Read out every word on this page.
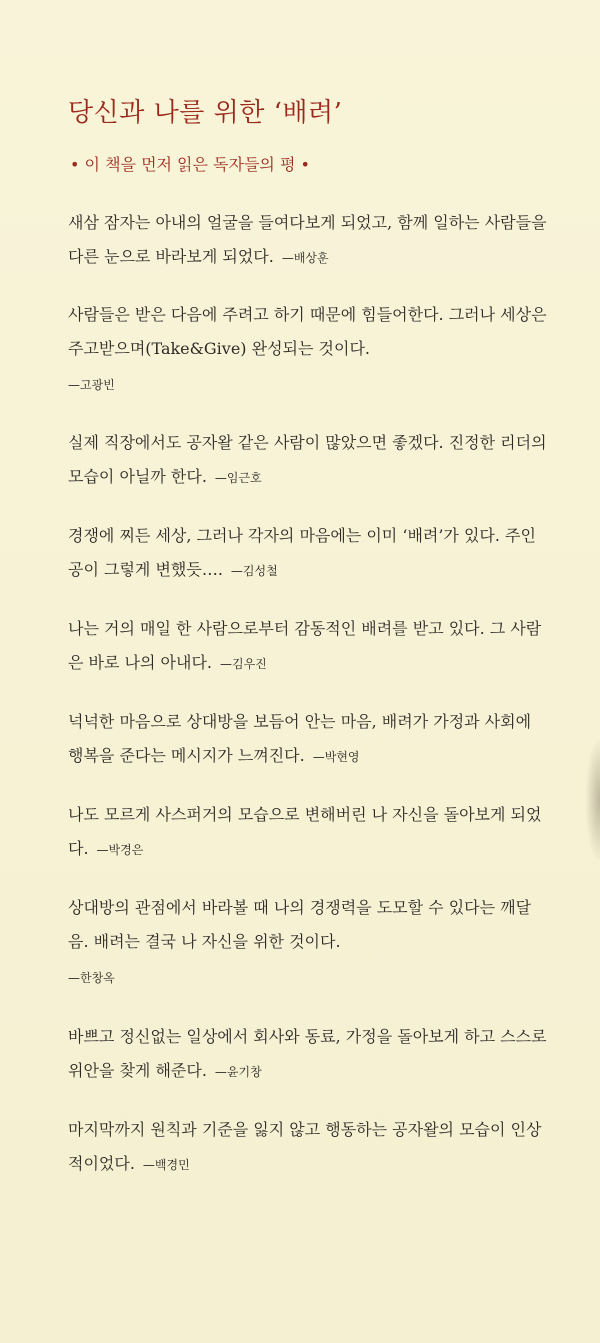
당신과 나를 위한 ‘배려’
• 이 책을 먼저 읽은 독자들의 평 •
새삼 잠자는 아내의 얼굴을 들여다보게 되었고, 함께 일하는 사람들을 다른 눈으로 바라보게 되었다. —배상훈
사람들은 받은 다음에 주려고 하기 때문에 힘들어한다. 그러나 세상은 주고받으며(Take&Give) 완성되는 것이다.
—고광빈
실제 직장에서도 공자왈 같은 사람이 많았으면 좋겠다. 진정한 리더의 모습이 아닐까 한다. —임근호
경쟁에 찌든 세상, 그러나 각자의 마음에는 이미 ‘배려’가 있다. 주인공이 그렇게 변했듯…. —김성철
나는 거의 매일 한 사람으로부터 감동적인 배려를 받고 있다. 그 사람은 바로 나의 아내다. —김우진
넉넉한 마음으로 상대방을 보듬어 안는 마음, 배려가 가정과 사회에 행복을 준다는 메시지가 느껴진다. —박현영
나도 모르게 사스퍼거의 모습으로 변해버린 나 자신을 돌아보게 되었다. —박경은
상대방의 관점에서 바라볼 때 나의 경쟁력을 도모할 수 있다는 깨달음. 배려는 결국 나 자신을 위한 것이다.
—한창옥
바쁘고 정신없는 일상에서 회사와 동료, 가정을 돌아보게 하고 스스로 위안을 찾게 해준다. —윤기창
마지막까지 원칙과 기준을 잃지 않고 행동하는 공자왈의 모습이 인상적이었다. —백경민
